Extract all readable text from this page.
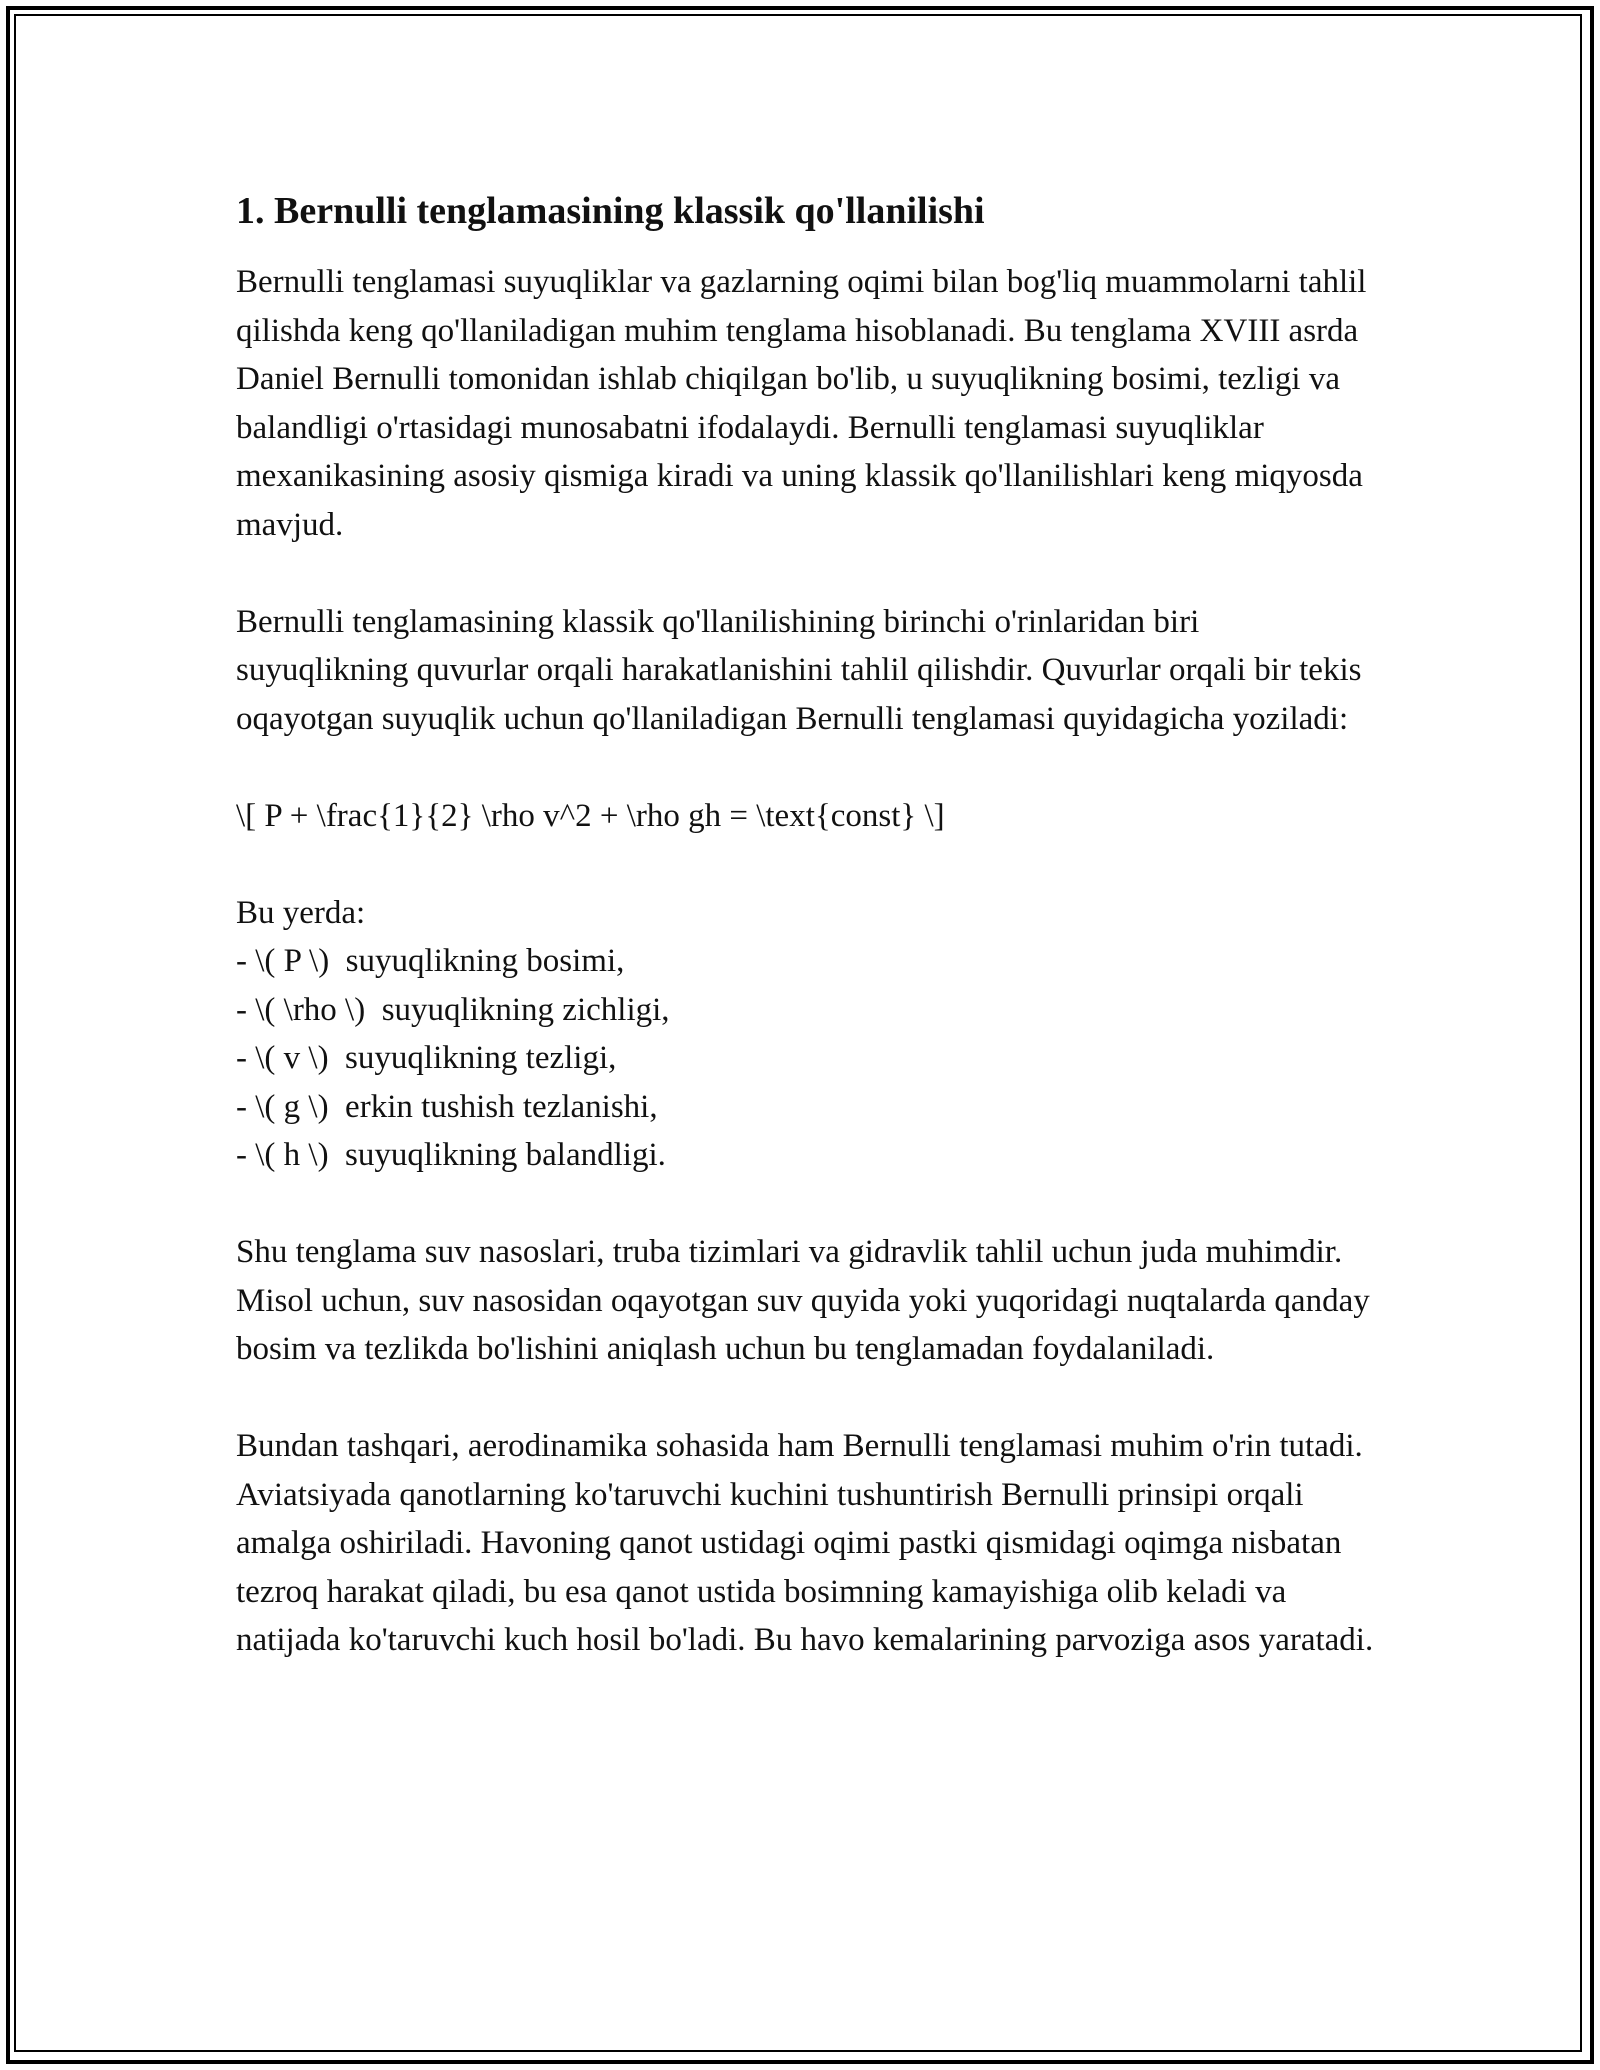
1. Bernulli tenglamasining klassik qo'llanilishi

Bernulli tenglamasi suyuqliklar va gazlarning oqimi bilan bog'liq muammolarni tahlil qilishda keng qo'llaniladigan muhim tenglama hisoblanadi. Bu tenglama XVIII asrda Daniel Bernulli tomonidan ishlab chiqilgan bo'lib, u suyuqlikning bosimi, tezligi va balandligi o'rtasidagi munosabatni ifodalaydi. Bernulli tenglamasi suyuqliklar mexanikasining asosiy qismiga kiradi va uning klassik qo'llanilishlari keng miqyosda mavjud.

Bernulli tenglamasining klassik qo'llanilishining birinchi o'rinlaridan biri suyuqlikning quvurlar orqali harakatlanishini tahlil qilishdir. Quvurlar orqali bir tekis oqayotgan suyuqlik uchun qo'llaniladigan Bernulli tenglamasi quyidagicha yoziladi:

\[ P + \frac{1}{2} \rho v^2 + \rho gh = \text{const} \]

Bu yerda:
- \( P \)  suyuqlikning bosimi,
- \( \rho \)  suyuqlikning zichligi,
- \( v \)  suyuqlikning tezligi,
- \( g \)  erkin tushish tezlanishi,
- \( h \)  suyuqlikning balandligi.

Shu tenglama suv nasoslari, truba tizimlari va gidravlik tahlil uchun juda muhimdir. Misol uchun, suv nasosidan oqayotgan suv quyida yoki yuqoridagi nuqtalarda qanday bosim va tezlikda bo'lishini aniqlash uchun bu tenglamadan foydalaniladi.

Bundan tashqari, aerodinamika sohasida ham Bernulli tenglamasi muhim o'rin tutadi. Aviatsiyada qanotlarning ko'taruvchi kuchini tushuntirish Bernulli prinsipi orqali amalga oshiriladi. Havoning qanot ustidagi oqimi pastki qismidagi oqimga nisbatan tezroq harakat qiladi, bu esa qanot ustida bosimning kamayishiga olib keladi va natijada ko'taruvchi kuch hosil bo'ladi. Bu havo kemalarining parvoziga asos yaratadi.
